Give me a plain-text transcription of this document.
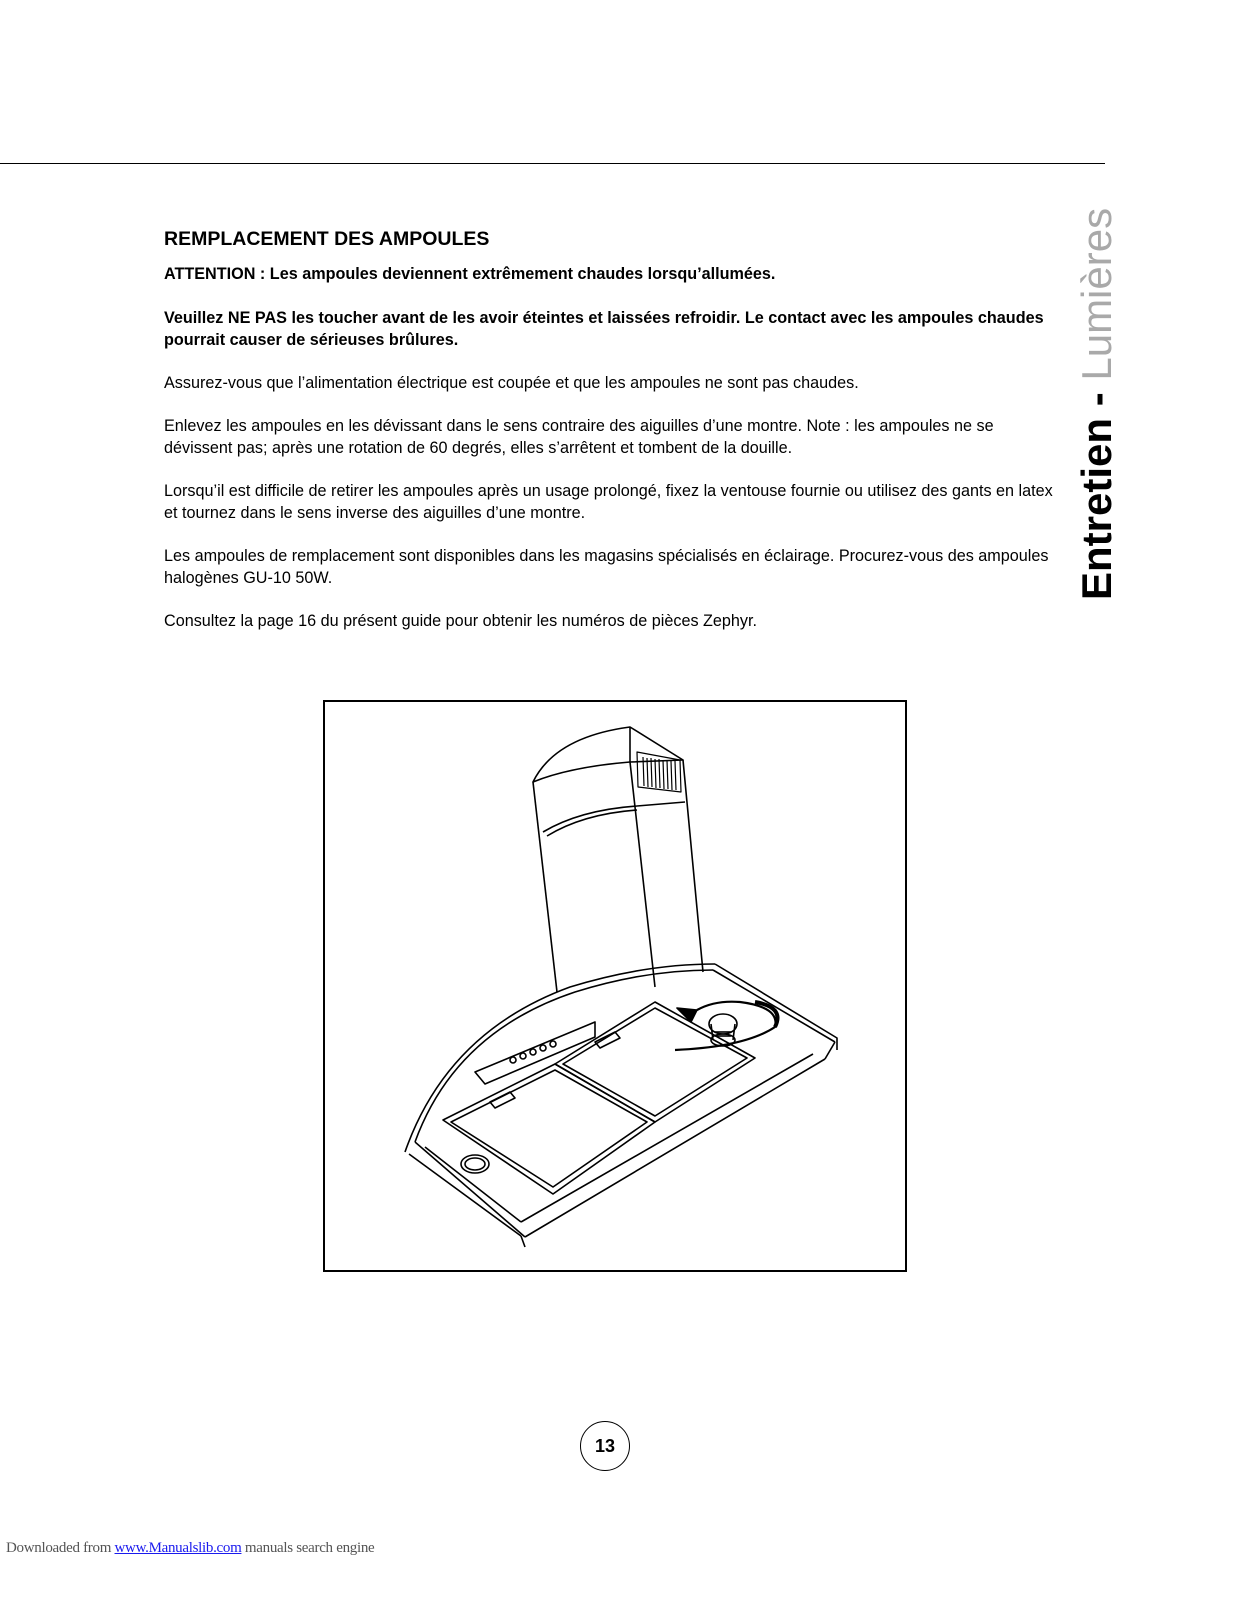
Entretien - Lumières
REMPLACEMENT DES AMPOULES

ATTENTION : Les ampoules deviennent extrêmement chaudes lorsqu’allumées.

Veuillez NE PAS les toucher avant de les avoir éteintes et laissées refroidir. Le contact avec les ampoules chaudes pourrait causer de sérieuses brûlures.

Assurez-vous que l’alimentation électrique est coupée et que les ampoules ne sont pas chaudes.

Enlevez les ampoules en les dévissant dans le sens contraire des aiguilles d’une montre. Note : les ampoules ne se dévissent pas; après une rotation de 60 degrés, elles s’arrêtent et tombent de la douille.

Lorsqu’il est difficile de retirer les ampoules après un usage prolongé, fixez la ventouse fournie ou utilisez des gants en latex et tournez dans le sens inverse des aiguilles d’une montre.

Les ampoules de remplacement sont disponibles dans les magasins spécialisés en éclairage. Procurez-vous des ampoules halogènes GU-10 50W.

Consultez la page 16 du présent guide pour obtenir les numéros de pièces Zephyr.

13
Downloaded from www.Manualslib.com manuals search engine
